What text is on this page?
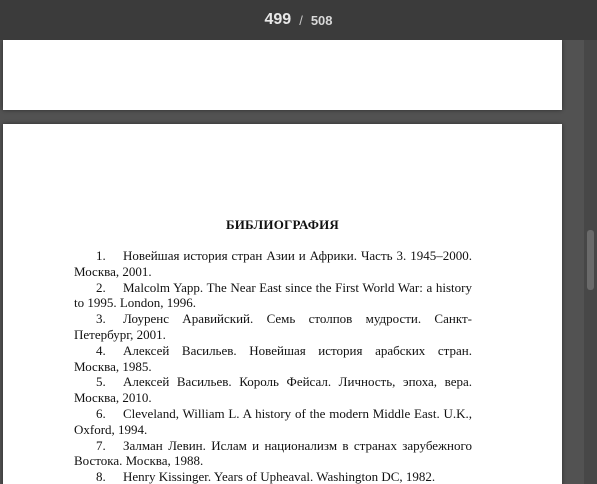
499 / 508
БИБЛИОГРАФИЯ

1. Новейшая история стран Азии и Африки. Часть 3. 1945–2000. Москва, 2001.

2. Malcolm Yapp. The Near East since the First World War: a history to 1995. London, 1996.

3. Лоуренс Аравийский. Семь столпов мудрости. Санкт-Петербург, 2001.

4. Алексей Васильев. Новейшая история арабских стран. Москва, 1985.

5. Алексей Васильев. Король Фейсал. Личность, эпоха, вера. Москва, 2010.

6. Cleveland, William L. A history of the modern Middle East. U.K., Oxford, 1994.

7. Залман Левин. Ислам и национализм в странах зарубежного Востока. Москва, 1988.

8. Henry Kissinger. Years of Upheaval. Washington DC, 1982.
